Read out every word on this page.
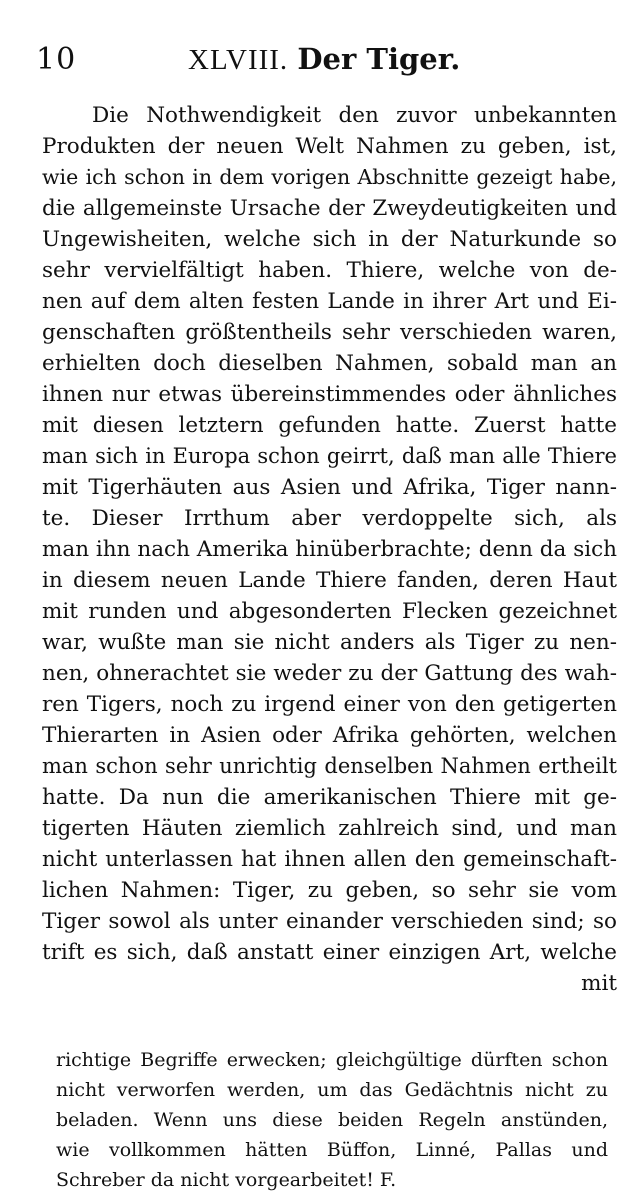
10	XLVIII. Der Tiger.
Die Nothwendigkeit den zuvor unbekannten
Produkten der neuen Welt Nahmen zu geben, ist,
wie ich schon in dem vorigen Abschnitte gezeigt habe,
die allgemeinste Ursache der Zweydeutigkeiten und
Ungewisheiten, welche sich in der Naturkunde so
sehr vervielfältigt haben. Thiere, welche von de-
nen auf dem alten festen Lande in ihrer Art und Ei-
genschaften größtentheils sehr verschieden waren,
erhielten doch dieselben Nahmen, sobald man an
ihnen nur etwas übereinstimmendes oder ähnliches
mit diesen letztern gefunden hatte. Zuerst hatte
man sich in Europa schon geirrt, daß man alle Thiere
mit Tigerhäuten aus Asien und Afrika, Tiger nann-
te. Dieser Irrthum aber verdoppelte sich, als
man ihn nach Amerika hinüberbrachte; denn da sich
in diesem neuen Lande Thiere fanden, deren Haut
mit runden und abgesonderten Flecken gezeichnet
war, wußte man sie nicht anders als Tiger zu nen-
nen, ohnerachtet sie weder zu der Gattung des wah-
ren Tigers, noch zu irgend einer von den getigerten
Thierarten in Asien oder Afrika gehörten, welchen
man schon sehr unrichtig denselben Nahmen ertheilt
hatte. Da nun die amerikanischen Thiere mit ge-
tigerten Häuten ziemlich zahlreich sind, und man
nicht unterlassen hat ihnen allen den gemeinschaft-
lichen Nahmen: Tiger, zu geben, so sehr sie vom
Tiger sowol als unter einander verschieden sind; so
trift es sich, daß anstatt einer einzigen Art, welche
mit
richtige Begriffe erwecken; gleichgültige dürften schon
nicht verworfen werden, um das Gedächtnis nicht zu
beladen. Wenn uns diese beiden Regeln anstünden,
wie vollkommen hätten Büffon, Linné, Pallas und
Schreber da nicht vorgearbeitet! F.
